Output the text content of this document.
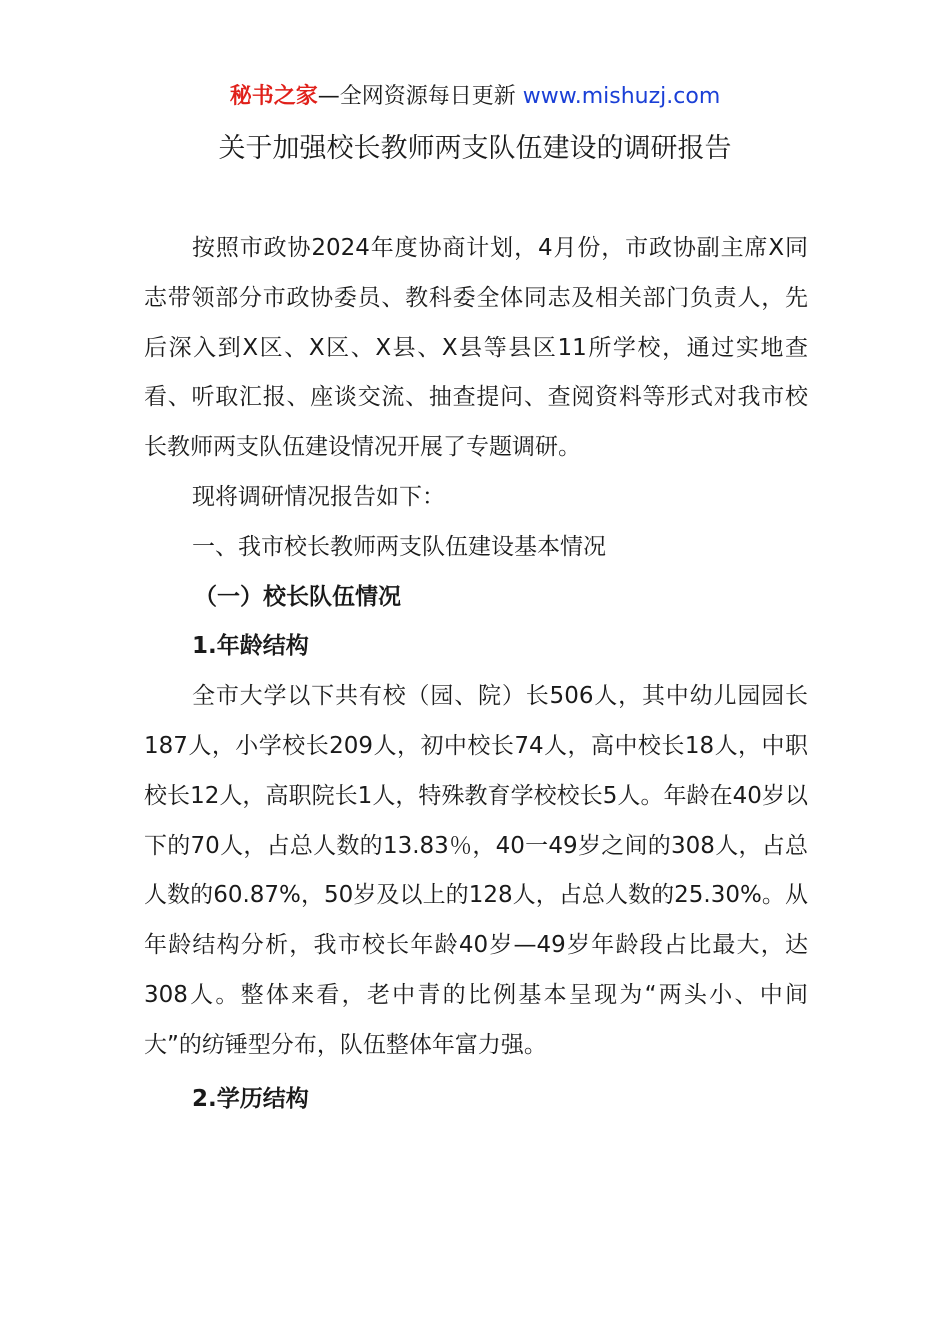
秘书之家—全网资源每日更新 www.mishuzj.com
关于加强校长教师两支队伍建设的调研报告

按照市政协2024年度协商计划，4月份，市政协副主席X同志带领部分市政协委员、教科委全体同志及相关部门负责人，先后深入到X区、X区、X县、X县等县区11所学校，通过实地查看、听取汇报、座谈交流、抽查提问、查阅资料等形式对我市校长教师两支队伍建设情况开展了专题调研。

现将调研情况报告如下：

一、我市校长教师两支队伍建设基本情况

（一）校长队伍情况

1.年龄结构

全市大学以下共有校（园、院）长506人，其中幼儿园园长187人，小学校长209人，初中校长74人，高中校长18人，中职校长12人，高职院长1人，特殊教育学校校长5人。年龄在40岁以下的70人，占总人数的13.83％，40一49岁之间的308人，占总人数的60.87%，50岁及以上的128人，占总人数的25.30%。从年龄结构分析，我市校长年龄40岁—49岁年龄段占比最大，达308人。整体来看，老中青的比例基本呈现为“两头小、中间大”的纺锤型分布，队伍整体年富力强。

2.学历结构
